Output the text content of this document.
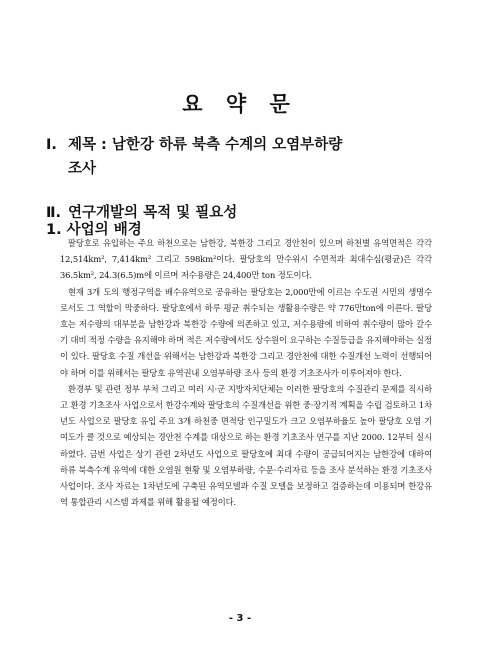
요 약 문
Ⅰ. 제목 : 남한강 하류 북측 수계의 오염부하량
조사
Ⅱ. 연구개발의 목적 및 필요성
1. 사업의 배경

팔당호로 유입하는 주요 하천으로는 남한강, 북한강 그리고 경안천이 있으며 하천별 유역면적은 각각 12,514km², 7,414km² 그리고 598km²이다. 팔당호의 만수위시 수면적과 최대수심(평균)은 각각 36.5km², 24.3(6.5)m에 이르며 저수용량은 24,400만 ton 정도이다.

현재 3개 도의 행정구역을 배수유역으로 공유하는 팔당호는 2,000만에 이르는 수도권 시민의 생명수로서도 그 역할이 막중하다. 팔당호에서 하루 평균 취수되는 생활용수량은 약 776만ton에 이른다. 팔당호는 저수량의 대부분을 남한강과 북한강 수량에 의존하고 있고, 저수용량에 비하여 취수량이 많아 갈수기 대비 적정 수량을 유지해야 하며 적은 저수량에서도 상수원이 요구하는 수질등급을 유지해야하는 실정이 있다. 팔당호 수질 개선을 위해서는 남한강과 북한강 그리고 경안천에 대한 수질개선 노력이 선행되어야 하며 이를 위해서는 팔당호 유역권내 오염부하량 조사 등의 환경 기초조사가 이루어져야 한다.

환경부 및 관련 정부 부처 그리고 여러 시·군 지방자치단체는 이러한 팔당호의 수질관리 문제를 직시하고 환경 기초조사 사업으로서 한강수계와 팔당호의 수질개선을 위한 중·장기적 계획을 수립 검토하고 1차년도 사업으로 팔당호 유입 주요 3개 하천중 면적당 인구밀도가 크고 오염부하율도 높아 팔당호 오염 기여도가 클 것으로 예상되는 경안천 수계를 대상으로 하는 환경 기초조사 연구를 지난 2000. 12부터 실시하였다. 금번 사업은 상기 관련 2차년도 사업으로 팔당호에 최대 수량이 공급되어지는 남한강에 대하여 하류 북측수계 유역에 대한 오염원 현황 및 오염부하량, 수문·수리자료 등을 조사 분석하는 환경 기초조사 사업이다. 조사 자료는 1차년도에 구축된 유역모델과 수질 모델을 보정하고 검증하는데 이용되며 한강유역 통합관리 시스템 과제를 위해 활용될 예정이다.

- 3 -
